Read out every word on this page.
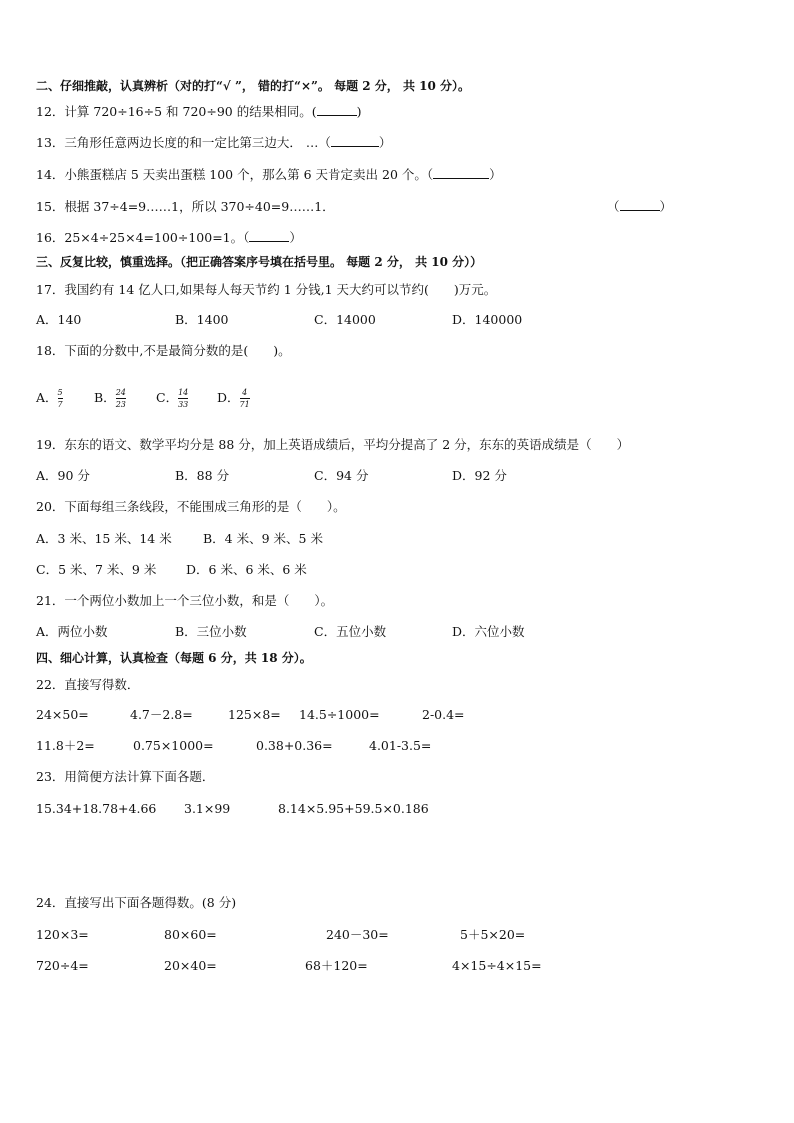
二、仔细推敲，认真辨析（对的打“√ ”， 错的打“×”。 每题 2 分， 共 10 分）。
12．计算 720÷16÷5 和 720÷90 的结果相同。(	)
13．三角形任意两边长度的和一定比第三边大． …（	）
14．小熊蛋糕店 5 天卖出蛋糕 100 个，那么第 6 天肯定卖出 20 个。（	）
15．根据 37÷4=9……1，所以 370÷40=9……1．	（	）
16．25×4÷25×4=100÷100=1。（	）
三、反复比较，慎重选择。（把正确答案序号填在括号里。 每题 2 分， 共 10 分））
17．我国约有 14 亿人口,如果每人每天节约 1 分钱,1 天大约可以节约(　　)万元。
A．140	B．1400	C．14000	D．140000
18．下面的分数中,不是最简分数的是(　　)。
A． $\frac{5}{7}$	B． $\frac{24}{23}$ C． $\frac{14}{33}$ D． $\frac{4}{71}$
19．东东的语文、数学平均分是 88 分，加上英语成绩后，平均分提高了 2 分，东东的英语成绩是（　　）
A．90 分	B．88 分	C．94 分	D．92 分
20．下面每组三条线段，不能围成三角形的是（　　）。
A．3 米、15 米、14 米	B．4 米、9 米、5 米
C．5 米、7 米、9 米 D．6 米、6 米、6 米
21．一个两位小数加上一个三位小数，和是（　　）。
A．两位小数	B．三位小数	C．五位小数	D．六位小数
四、细心计算，认真检查（每题 6 分，共 18 分）。
22．直接写得数．
24×50=	4.7－2.8=	125×8= 14.5÷1000=	2-0.4=
11.8＋2=	0.75×1000=	0.38+0.36=	4.01-3.5=
23．用简便方法计算下面各题．
15.34+18.78+4.66 3.1×99	8.14×5.95+59.5×0.186
24．直接写出下面各题得数。(8 分)
120×3=	80×60=	240－30=	5＋5×20=
720÷4=	20×40=	68＋120=	4×15÷4×15=
